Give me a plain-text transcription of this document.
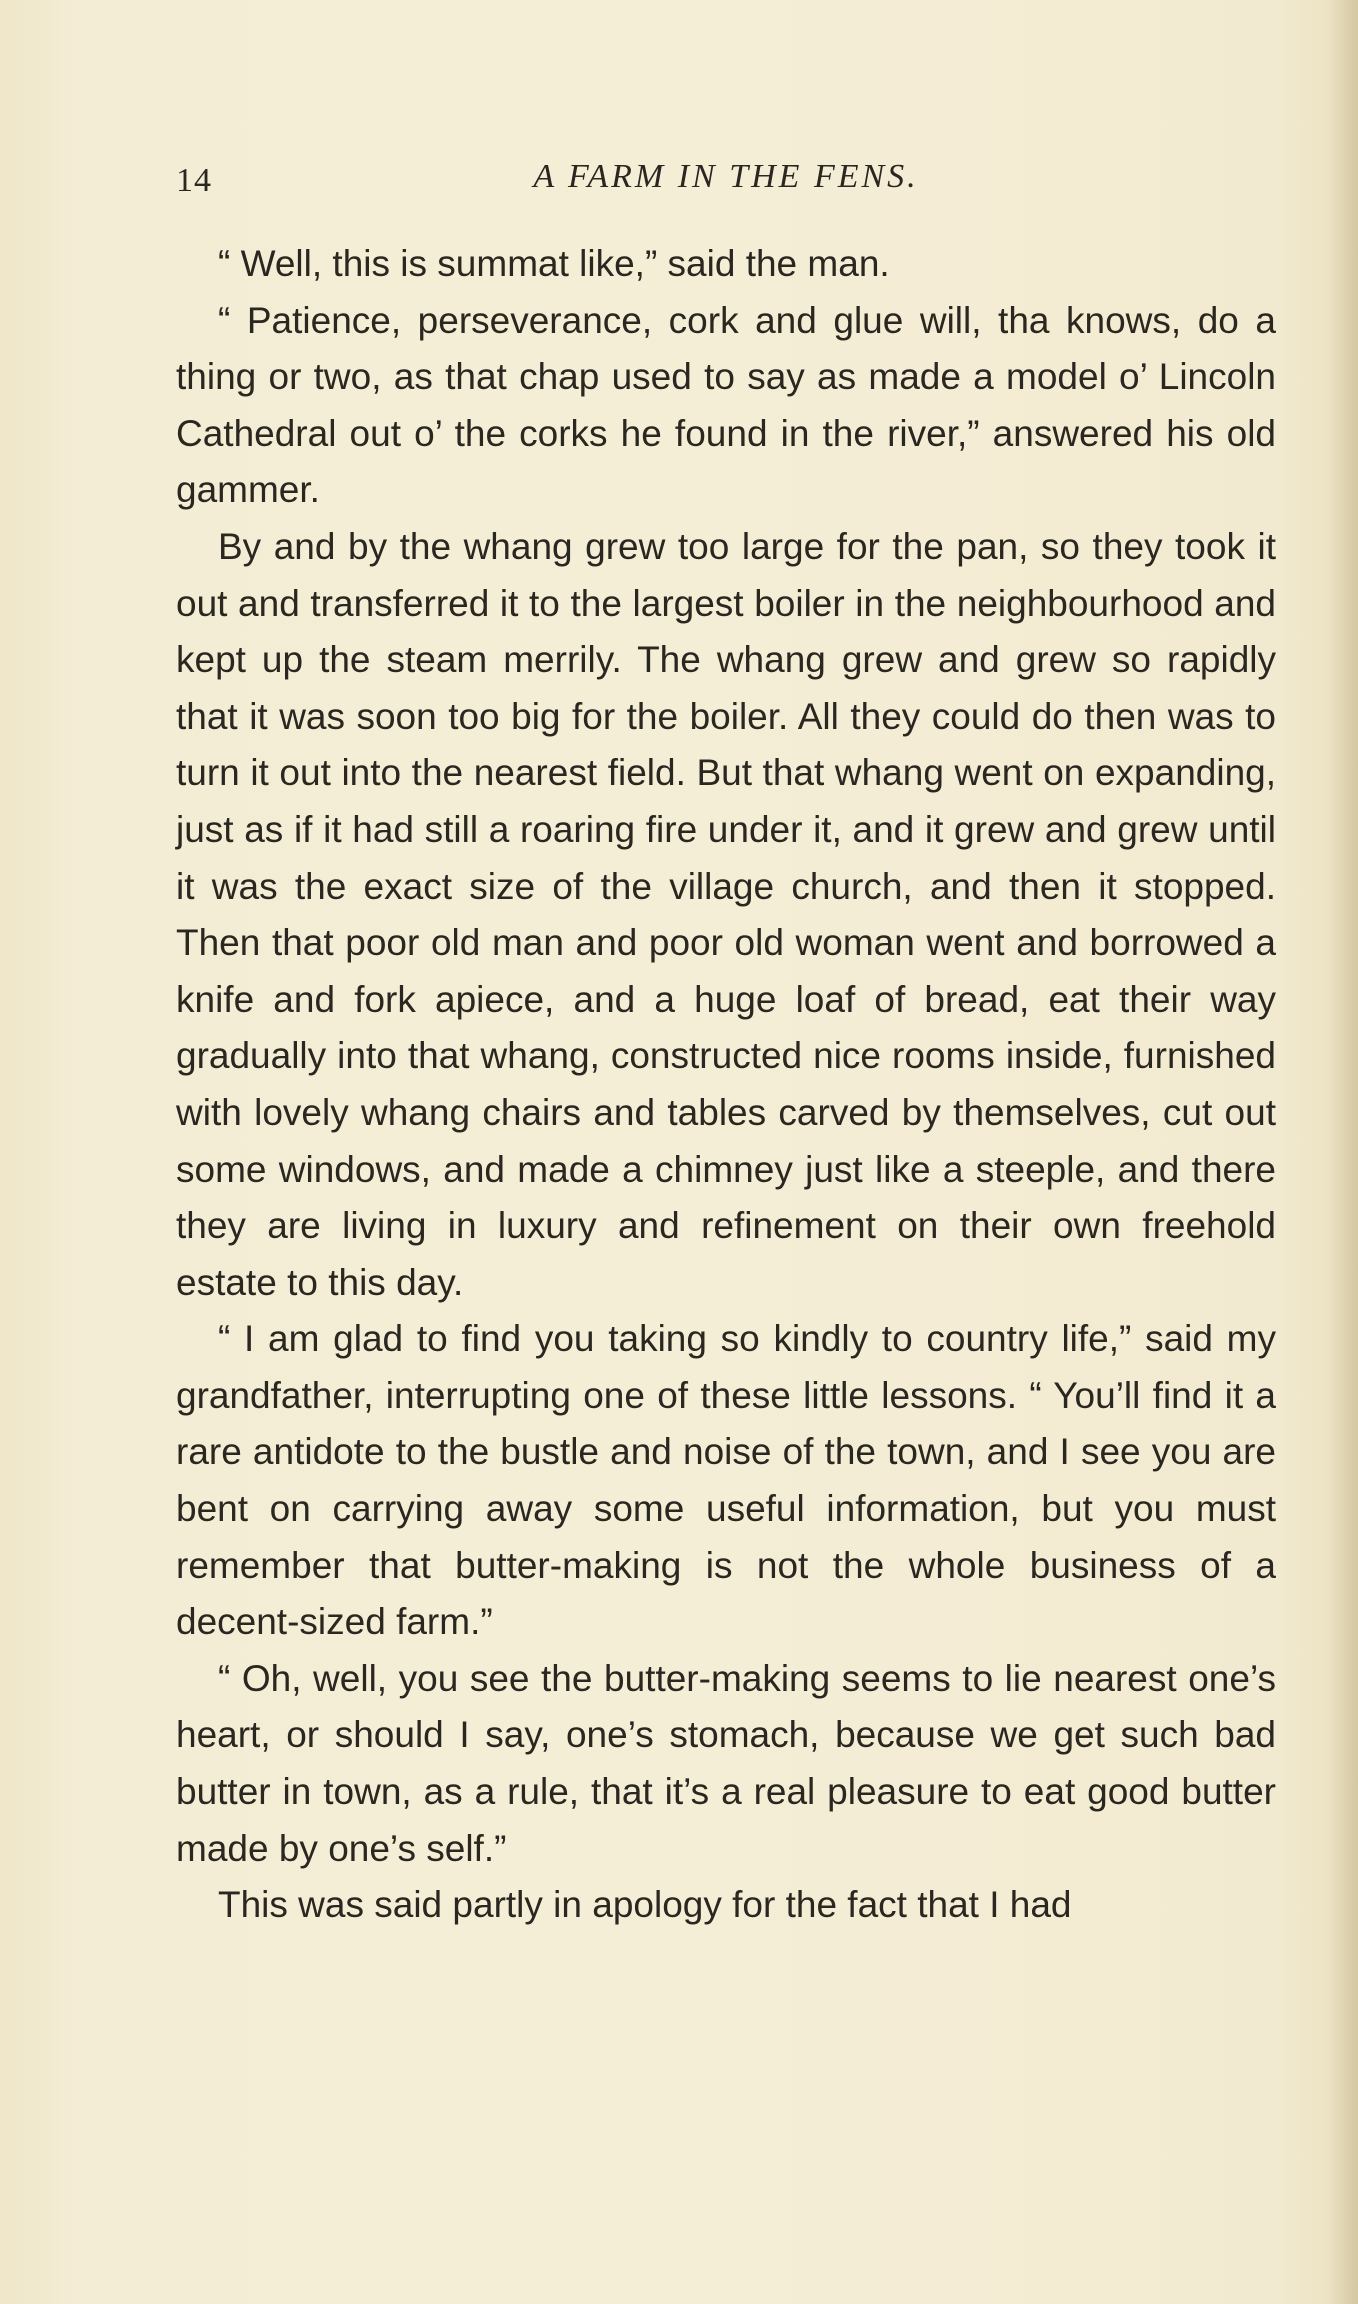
14	A FARM IN THE FENS.

“ Well, this is summat like,” said the man.

“ Patience, perseverance, cork and glue will, tha knows, do a thing or two, as that chap used to say as made a model o’ Lincoln Cathedral out o’ the corks he found in the river,” answered his old gammer.

By and by the whang grew too large for the pan, so they took it out and transferred it to the largest boiler in the neighbourhood and kept up the steam merrily. The whang grew and grew so rapidly that it was soon too big for the boiler. All they could do then was to turn it out into the nearest field. But that whang went on expanding, just as if it had still a roaring fire under it, and it grew and grew until it was the exact size of the village church, and then it stopped. Then that poor old man and poor old woman went and borrowed a knife and fork apiece, and a huge loaf of bread, eat their way gradually into that whang, constructed nice rooms inside, furnished with lovely whang chairs and tables carved by themselves, cut out some windows, and made a chimney just like a steeple, and there they are living in luxury and refinement on their own freehold estate to this day.

“ I am glad to find you taking so kindly to country life,” said my grandfather, interrupting one of these little lessons. “ You’ll find it a rare antidote to the bustle and noise of the town, and I see you are bent on carrying away some useful information, but you must remember that butter-making is not the whole business of a decent-sized farm.”

“ Oh, well, you see the butter-making seems to lie nearest one’s heart, or should I say, one’s stomach, because we get such bad butter in town, as a rule, that it’s a real pleasure to eat good butter made by one’s self.”

This was said partly in apology for the fact that I had
